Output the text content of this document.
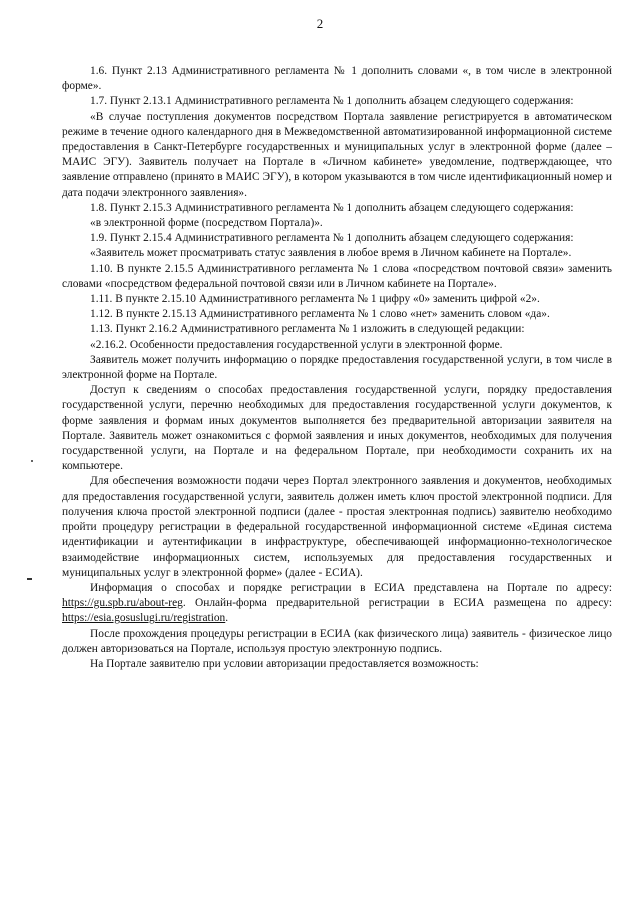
2

1.6. Пункт 2.13 Административного регламента № 1 дополнить словами «, в том числе в электронной форме».

1.7. Пункт 2.13.1 Административного регламента № 1 дополнить абзацем следующего содержания:

«В случае поступления документов посредством Портала заявление регистрируется в автоматическом режиме в течение одного календарного дня в Межведомственной автоматизированной информационной системе предоставления в Санкт-Петербурге государственных и муниципальных услуг в электронной форме (далее – МАИС ЭГУ). Заявитель получает на Портале в «Личном кабинете» уведомление, подтверждающее, что заявление отправлено (принято в МАИС ЭГУ), в котором указываются в том числе идентификационный номер и дата подачи электронного заявления».

1.8. Пункт 2.15.3 Административного регламента № 1 дополнить абзацем следующего содержания:

«в электронной форме (посредством Портала)».

1.9. Пункт 2.15.4 Административного регламента № 1 дополнить абзацем следующего содержания:

«Заявитель может просматривать статус заявления в любое время в Личном кабинете на Портале».

1.10. В пункте 2.15.5 Административного регламента № 1 слова «посредством почтовой связи» заменить словами «посредством федеральной почтовой связи или в Личном кабинете на Портале».

1.11. В пункте 2.15.10 Административного регламента № 1 цифру «0» заменить цифрой «2».

1.12. В пункте 2.15.13 Административного регламента № 1 слово «нет» заменить словом «да».

1.13. Пункт 2.16.2 Административного регламента № 1 изложить в следующей редакции:

«2.16.2. Особенности предоставления государственной услуги в электронной форме.

Заявитель может получить информацию о порядке предоставления государственной услуги, в том числе в электронной форме на Портале.

Доступ к сведениям о способах предоставления государственной услуги, порядку предоставления государственной услуги, перечню необходимых для предоставления государственной услуги документов, к форме заявления и формам иных документов выполняется без предварительной авторизации заявителя на Портале. Заявитель может ознакомиться с формой заявления и иных документов, необходимых для получения государственной услуги, на Портале и на федеральном Портале, при необходимости сохранить их на компьютере.

Для обеспечения возможности подачи через Портал электронного заявления и документов, необходимых для предоставления государственной услуги, заявитель должен иметь ключ простой электронной подписи. Для получения ключа простой электронной подписи (далее - простая электронная подпись) заявителю необходимо пройти процедуру регистрации в федеральной государственной информационной системе «Единая система идентификации и аутентификации в инфраструктуре, обеспечивающей информационно-технологическое взаимодействие информационных систем, используемых для предоставления государственных и муниципальных услуг в электронной форме» (далее - ЕСИА).

Информация о способах и порядке регистрации в ЕСИА представлена на Портале по адресу: https://gu.spb.ru/about-reg. Онлайн-форма предварительной регистрации в ЕСИА размещена по адресу: https://esia.gosuslugi.ru/registration.

После прохождения процедуры регистрации в ЕСИА (как физического лица) заявитель - физическое лицо должен авторизоваться на Портале, используя простую электронную подпись.

На Портале заявителю при условии авторизации предоставляется возможность:
